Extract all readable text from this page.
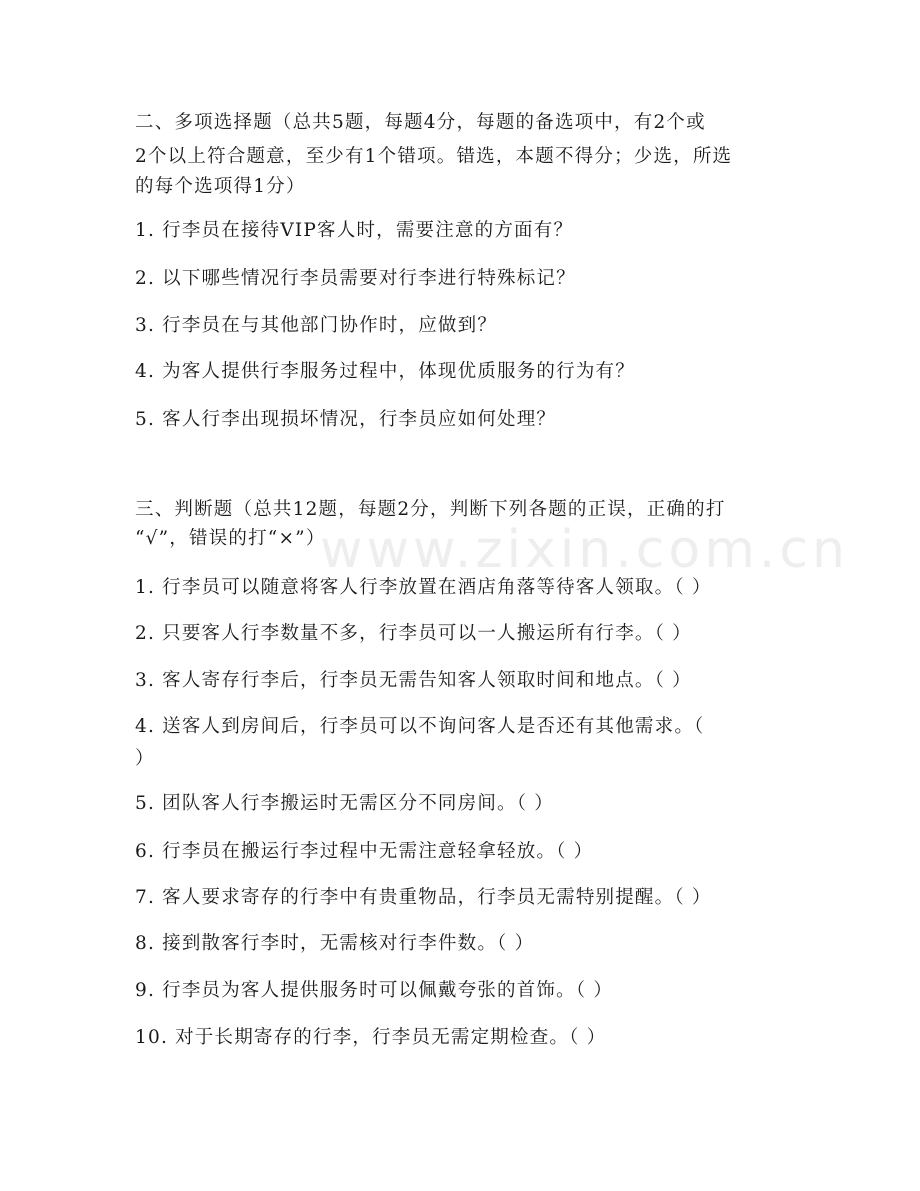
www.zixin.com.cn
二、多项选择题（总共5题，每题4分，每题的备选项中，有2个或
2个以上符合题意，至少有1个错项。错选，本题不得分；少选，所选
的每个选项得1分）
1. 行李员在接待VIP客人时，需要注意的方面有？
2. 以下哪些情况行李员需要对行李进行特殊标记？
3. 行李员在与其他部门协作时，应做到？
4. 为客人提供行李服务过程中，体现优质服务的行为有？
5. 客人行李出现损坏情况，行李员应如何处理？
三、判断题（总共12题，每题2分，判断下列各题的正误，正确的打
“√”，错误的打“×”）
1. 行李员可以随意将客人行李放置在酒店角落等待客人领取。（ ）
2. 只要客人行李数量不多，行李员可以一人搬运所有行李。（ ）
3. 客人寄存行李后，行李员无需告知客人领取时间和地点。（ ）
4. 送客人到房间后，行李员可以不询问客人是否还有其他需求。（
）
5. 团队客人行李搬运时无需区分不同房间。（ ）
6. 行李员在搬运行李过程中无需注意轻拿轻放。（ ）
7. 客人要求寄存的行李中有贵重物品，行李员无需特别提醒。（ ）
8. 接到散客行李时，无需核对行李件数。（ ）
9. 行李员为客人提供服务时可以佩戴夸张的首饰。（ ）
10. 对于长期寄存的行李，行李员无需定期检查。（ ）
